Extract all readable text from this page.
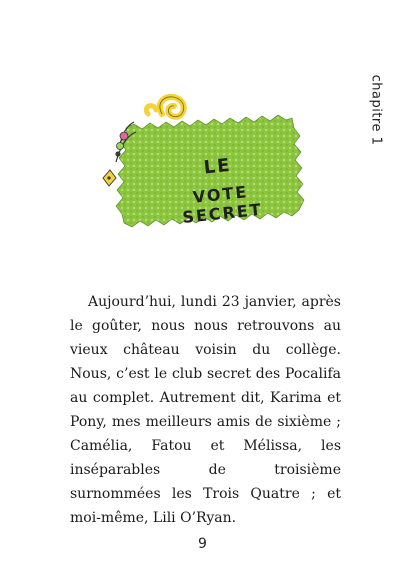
chapitre 1
LE
VOTE SECRET

Aujourd’hui, lundi 23 janvier, après le goûter, nous nous retrouvons au vieux château voisin du collège. Nous, c’est le club secret des Pocalifa au complet. Autrement dit, Karima et Pony, mes meilleurs amis de sixième ; Camélia, Fatou et Mélissa, les inséparables de troisième surnommées les Trois Quatre ; et moi-même, Lili O’Ryan.

9
